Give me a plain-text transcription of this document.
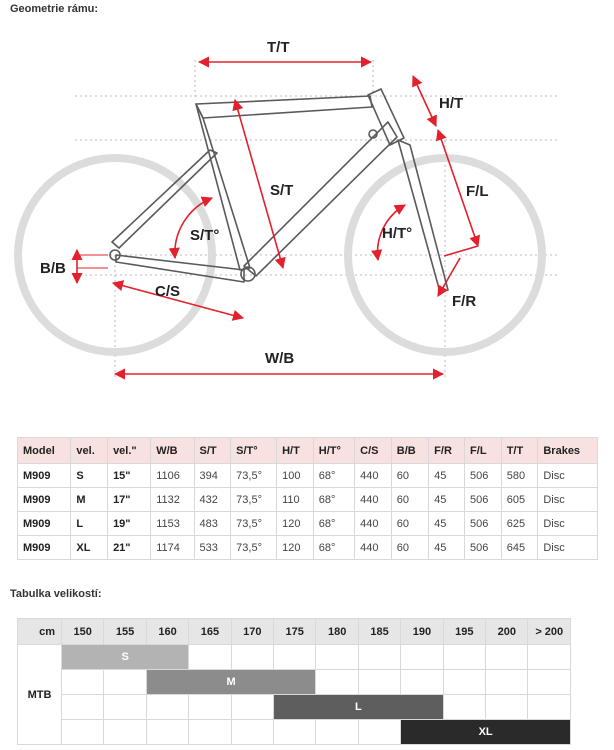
Geometrie rámu:
T/T
H/T
S/T
S/T°	H/T°
F/L
B/B
C/S
F/R
W/B
Model	vel.	vel."	W/B	S/T	S/T°	H/T	H/T°	C/S	B/B	F/R	F/L	T/T	Brakes
M909	S	15"	1106	394	73,5°	100	68°	440	60	45	506	580	Disc
M909	M	17"	1132	432	73,5°	110	68°	440	60	45	506	605	Disc
M909	L	19"	1153	483	73,5°	120	68°	440	60	45	506	625	Disc
M909	XL	21"	1174	533	73,5°	120	68°	440	60	45	506	645	Disc
Tabulka velikostí:
cm	150	155	160	165	170	175	180	185	190	195	200	> 200
MTB	S											
			M									
						L						
									XL			
